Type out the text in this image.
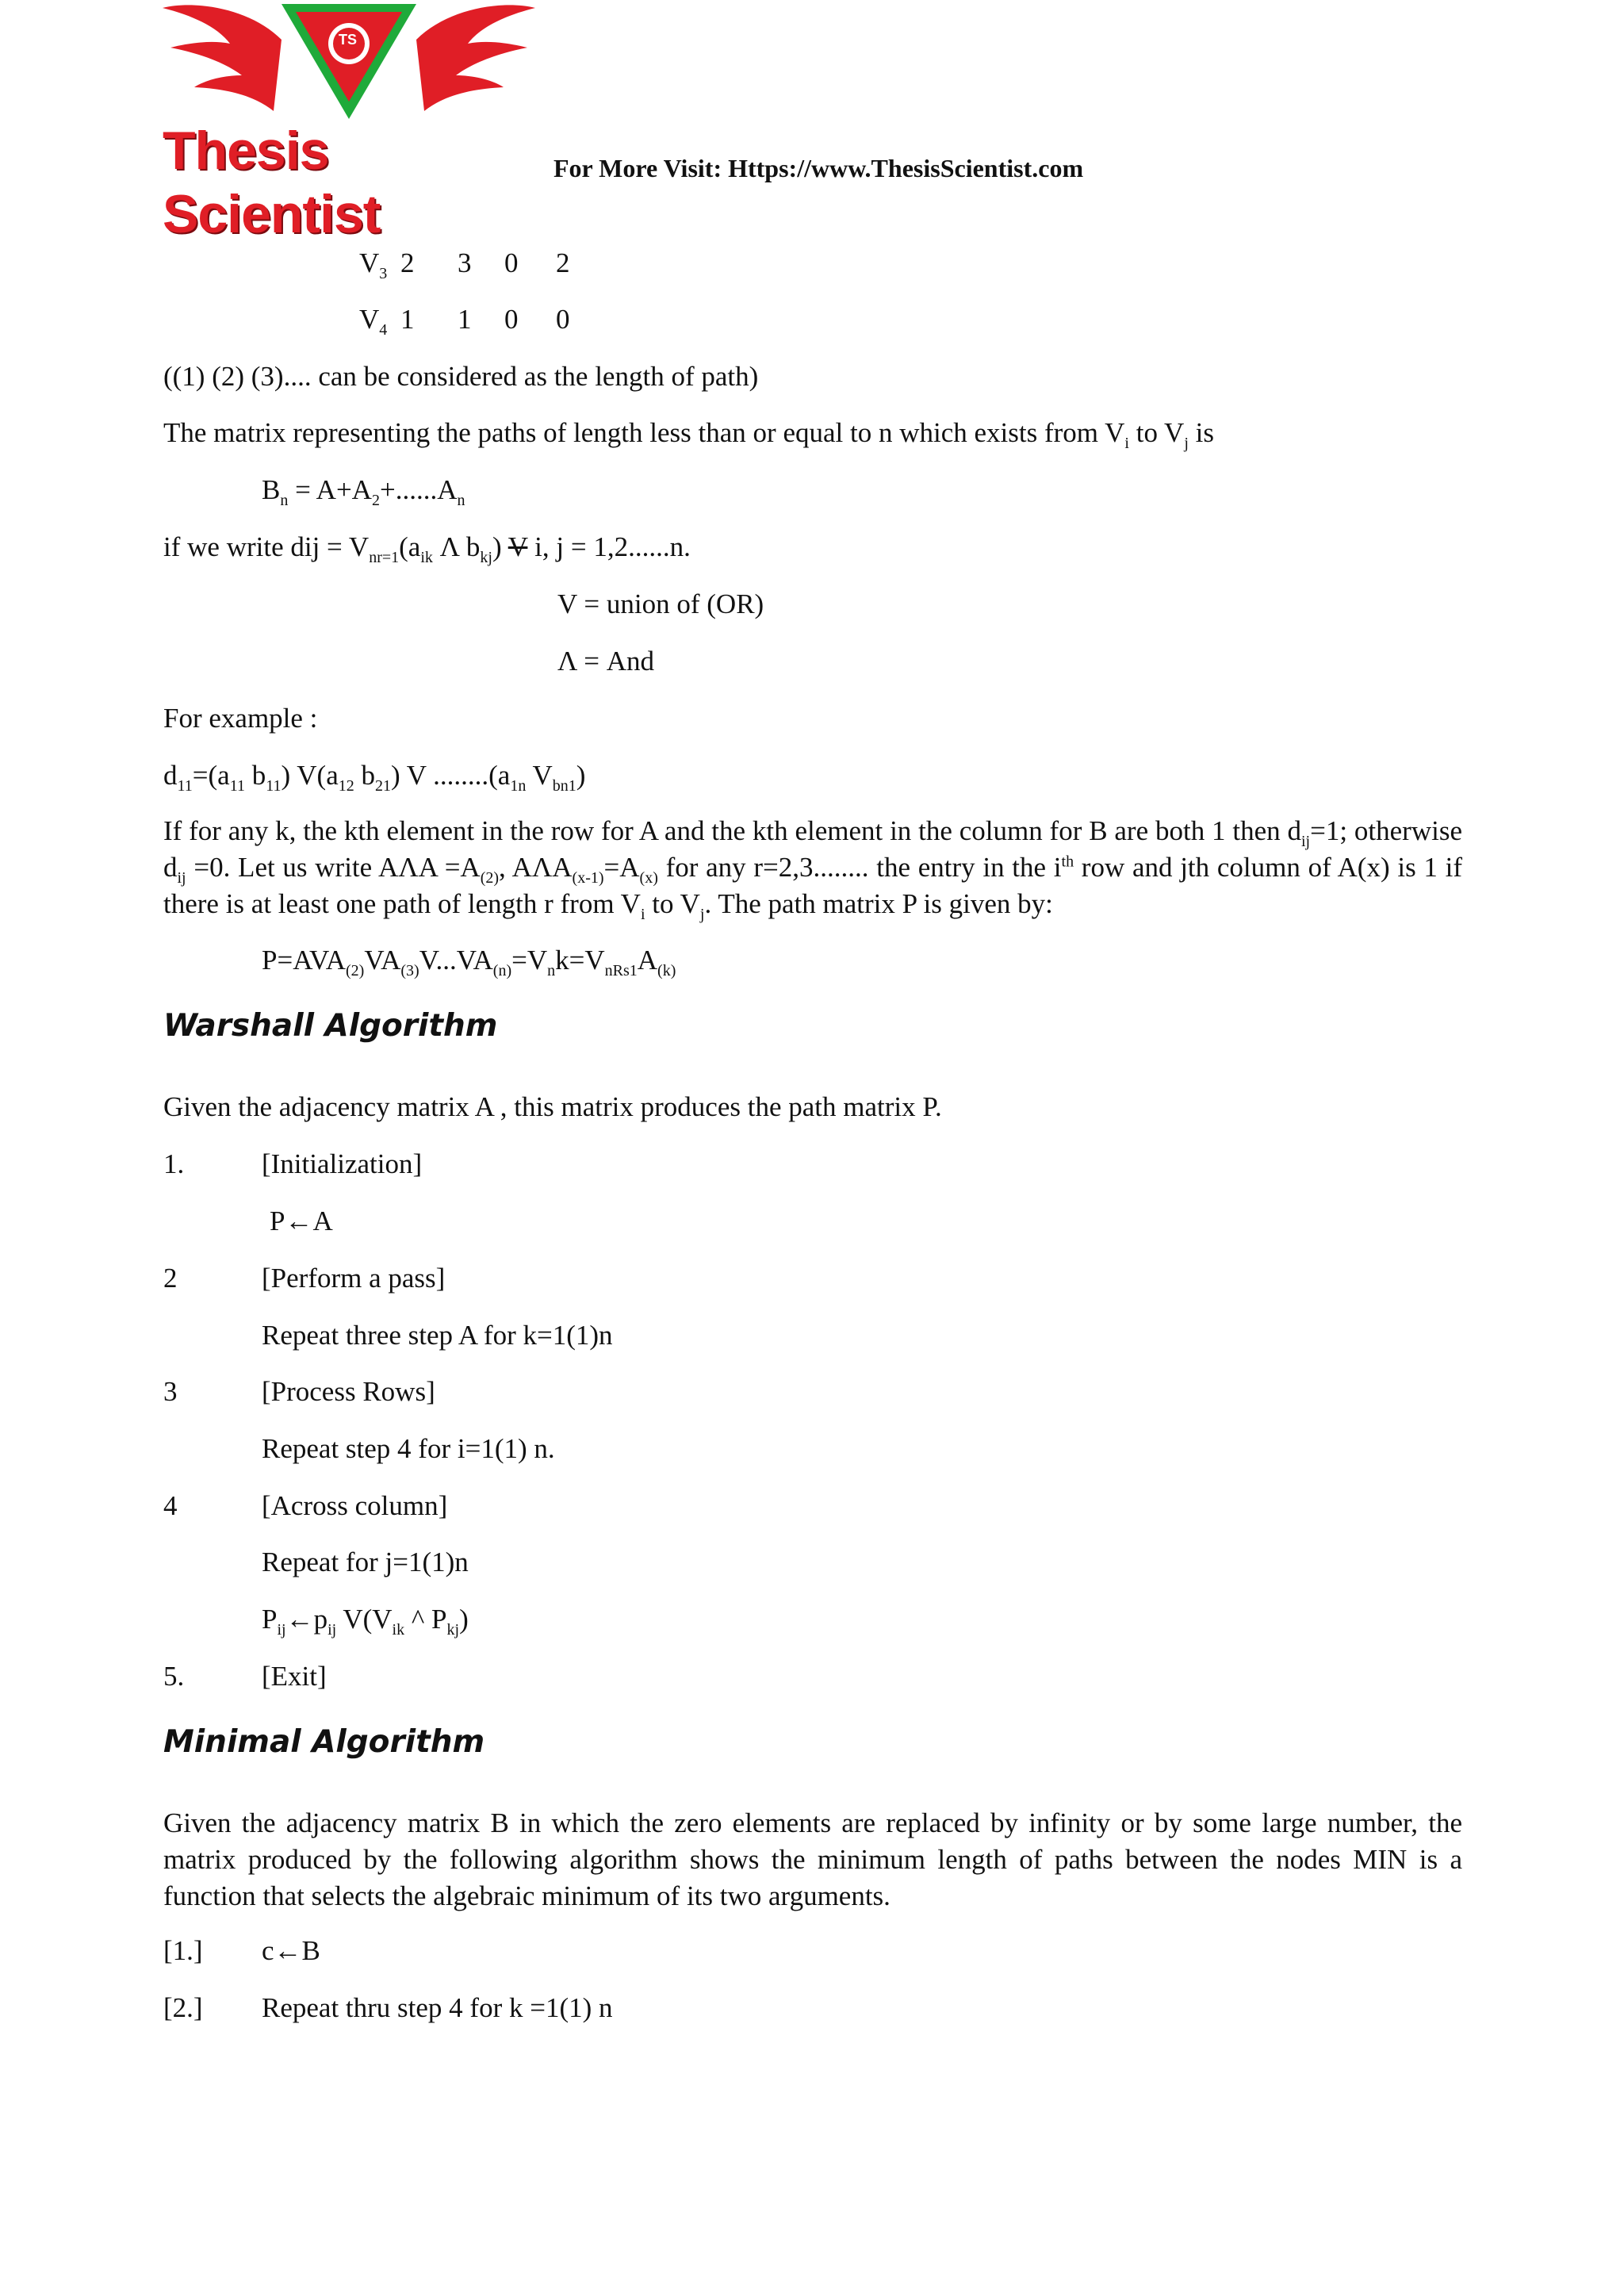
TS
Thesis Scientist
For More Visit: Https://www.ThesisScientist.com
$V_3$ 2 3 0 2
$V_4$ 1 1 0 0
((1) (2) (3).... can be considered as the length of path)
The matrix representing the paths of length less than or equal to n which exists from $V_i$ to $V_j$ is
$B_n = A+A_2+......A_n$
if we write dij = $V_{nr=1}(a_{ik}$ Λ $b_{kj}$) V i, j = 1,2......n.
V = union of (OR)
Λ = And
For example :
$d_{11}=(a_{11}$ $b_{11}$) $V(a_{12}$ $b_{21}$) V $........(a_{1n}$ $V_{bn1}$)
If for any k, the kth element in the row for A and the kth element in the column for B are both 1 then $d_{ij}=1$; otherwise $d_{ij} =0$. Let us write $A\Lambda A =A_{(2)}$, $A\Lambda A_{(x-1)}=A_{(x)}$ for any r=2,3........ the entry in the $i^{th}$ row and jth column of A(x) is 1 if there is at least one path of length r from $V_i$ to $V_j$. The path matrix P is given by:
$P=AVA_{(2)}VA_{(3)}V...VA_{(n)}=V_nk=V_{nRs1}A_{(k)}$
Warshall Algorithm
Given the adjacency matrix A , this matrix produces the path matrix P.
1.	[Initialization]
P←A
2	[Perform a pass]
Repeat three step A for k=1(1)n
3	[Process Rows]
Repeat step 4 for i=1(1) n.
4	[Across column]
Repeat for j=1(1)n
$P_{ij}\leftarrow p_{ij}$ $V(V_{ik}$ ^ $P_{kj}$)
5.	[Exit]
Minimal Algorithm
Given the adjacency matrix B in which the zero elements are replaced by infinity or by some large number, the matrix produced by the following algorithm shows the minimum length of paths between the nodes MIN is a function that selects the algebraic minimum of its two arguments.
[1.] c←B
[2.] Repeat thru step 4 for k =1(1) n
